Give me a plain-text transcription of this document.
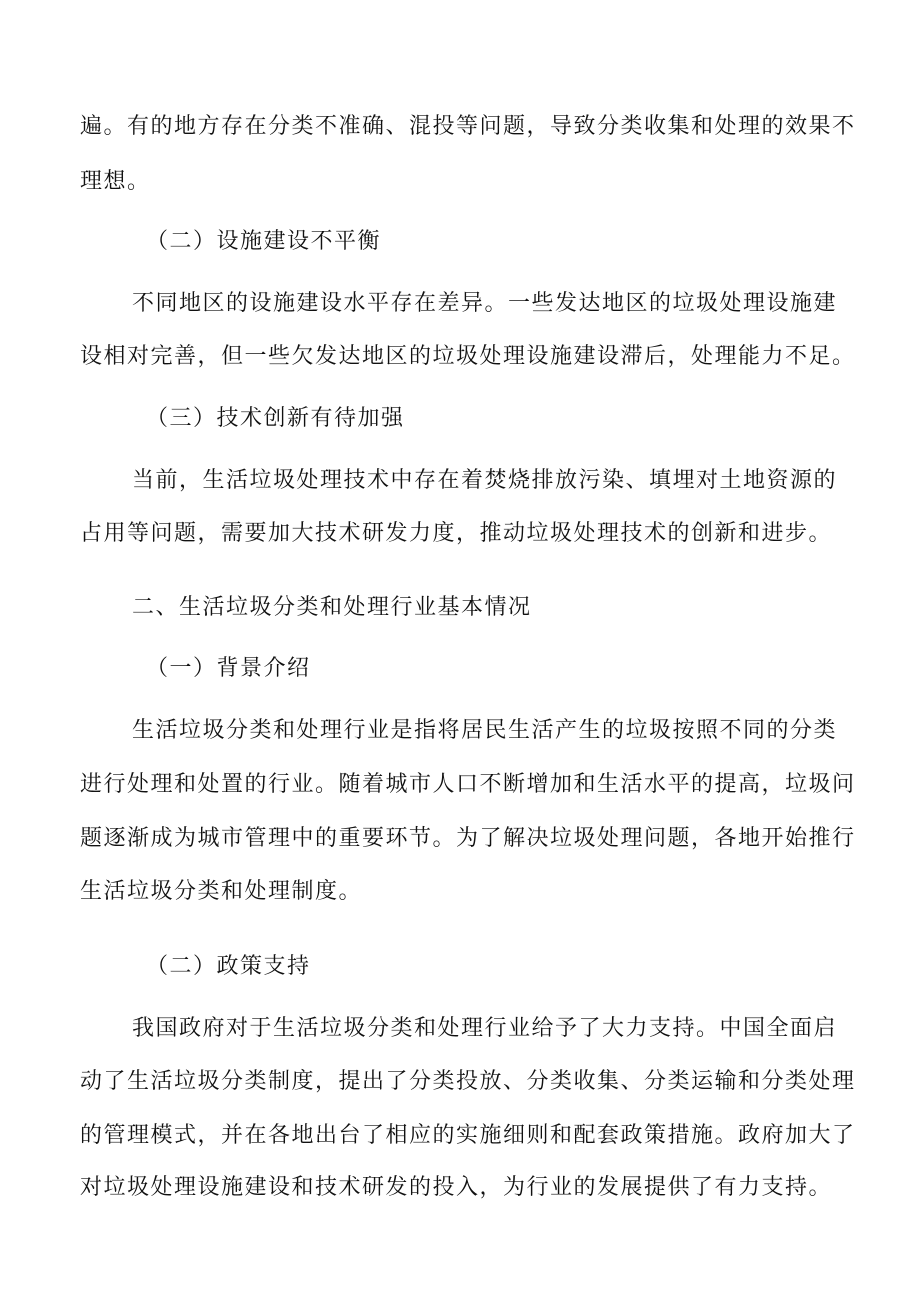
遍。有的地方存在分类不准确、混投等问题，导致分类收集和处理的效果不
理想。
（二）设施建设不平衡
不同地区的设施建设水平存在差异。一些发达地区的垃圾处理设施建
设相对完善，但一些欠发达地区的垃圾处理设施建设滞后，处理能力不足。
（三）技术创新有待加强
当前，生活垃圾处理技术中存在着焚烧排放污染、填埋对土地资源的
占用等问题，需要加大技术研发力度，推动垃圾处理技术的创新和进步。
二、生活垃圾分类和处理行业基本情况
（一）背景介绍
生活垃圾分类和处理行业是指将居民生活产生的垃圾按照不同的分类
进行处理和处置的行业。随着城市人口不断增加和生活水平的提高，垃圾问
题逐渐成为城市管理中的重要环节。为了解决垃圾处理问题，各地开始推行
生活垃圾分类和处理制度。
（二）政策支持
我国政府对于生活垃圾分类和处理行业给予了大力支持。中国全面启
动了生活垃圾分类制度，提出了分类投放、分类收集、分类运输和分类处理
的管理模式，并在各地出台了相应的实施细则和配套政策措施。政府加大了
对垃圾处理设施建设和技术研发的投入，为行业的发展提供了有力支持。
